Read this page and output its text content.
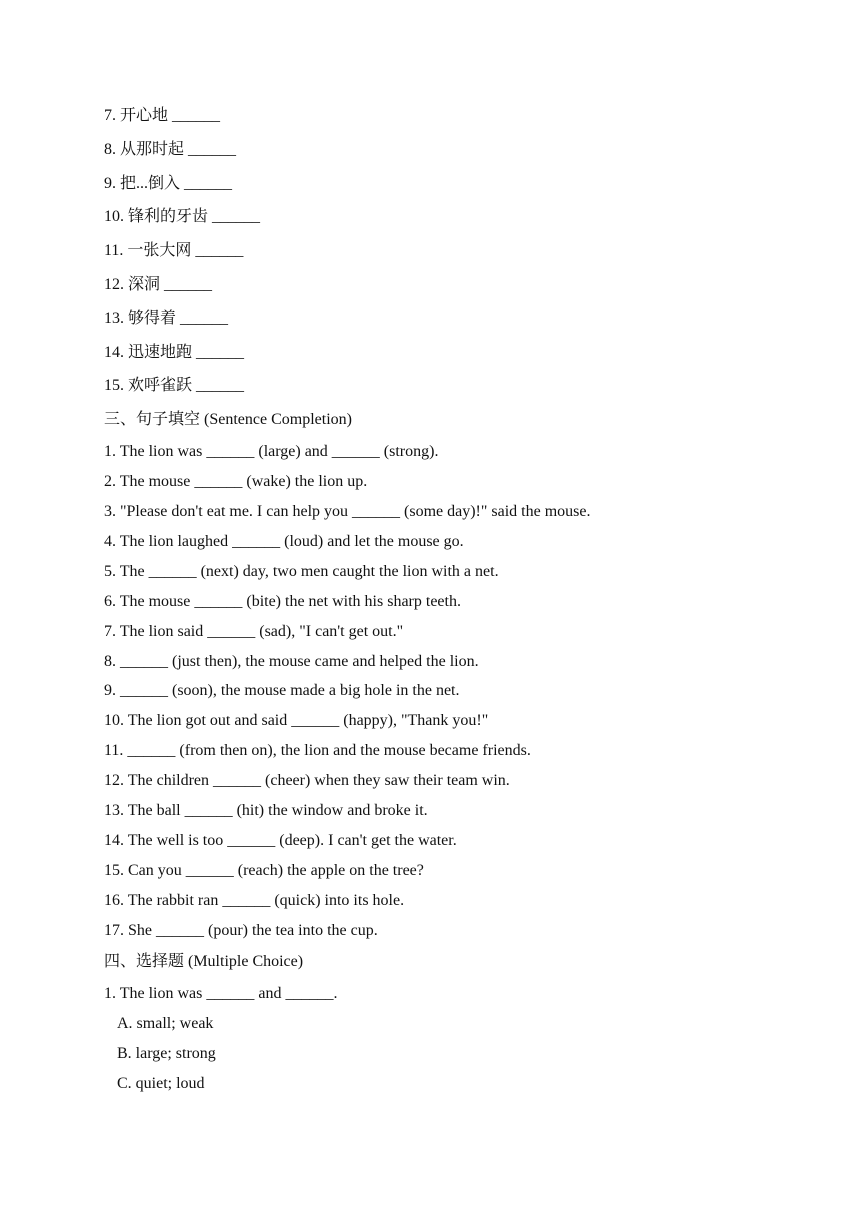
7. 开心地 ______
8. 从那时起 ______
9. 把...倒入 ______
10. 锋利的牙齿 ______
11. 一张大网 ______
12. 深洞 ______
13. 够得着 ______
14. 迅速地跑 ______
15. 欢呼雀跃 ______
三、句子填空 (Sentence Completion)
1. The lion was ______ (large) and ______ (strong).
2. The mouse ______ (wake) the lion up.
3. "Please don't eat me. I can help you ______ (some day)!" said the mouse.
4. The lion laughed ______ (loud) and let the mouse go.
5. The ______ (next) day, two men caught the lion with a net.
6. The mouse ______ (bite) the net with his sharp teeth.
7. The lion said ______ (sad), "I can't get out."
8. ______ (just then), the mouse came and helped the lion.
9. ______ (soon), the mouse made a big hole in the net.
10. The lion got out and said ______ (happy), "Thank you!"
11. ______ (from then on), the lion and the mouse became friends.
12. The children ______ (cheer) when they saw their team win.
13. The ball ______ (hit) the window and broke it.
14. The well is too ______ (deep). I can't get the water.
15. Can you ______ (reach) the apple on the tree?
16. The rabbit ran ______ (quick) into its hole.
17. She ______ (pour) the tea into the cup.
四、选择题 (Multiple Choice)
1. The lion was ______ and ______.
A. small; weak
B. large; strong
C. quiet; loud
